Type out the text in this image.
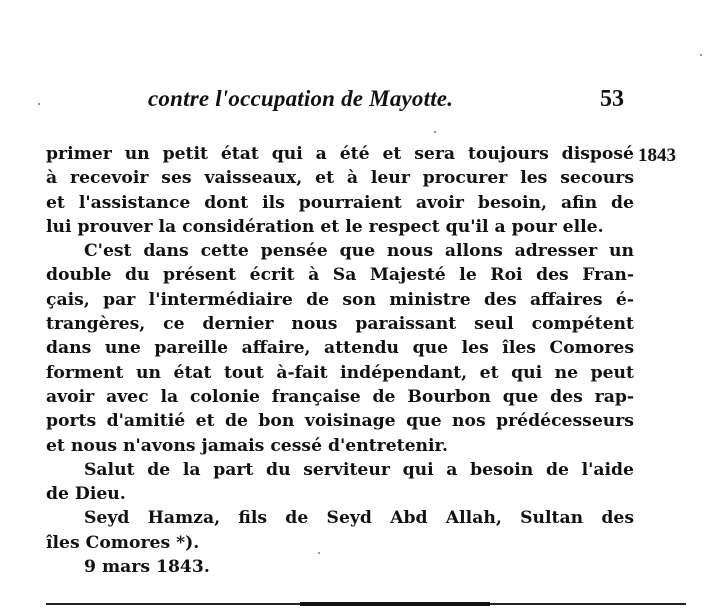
contre l'occupation de Mayotte.	53
1843
primer un petit état qui a été et sera toujours disposé
à recevoir ses vaisseaux, et à leur procurer les secours
et l'assistance dont ils pourraient avoir besoin, afin de
lui prouver la considération et le respect qu'il a pour elle.
C'est dans cette pensée que nous allons adresser un
double du présent écrit à Sa Majesté le Roi des Fran-
çais, par l'intermédiaire de son ministre des affaires é-
trangères, ce dernier nous paraissant seul compétent
dans une pareille affaire, attendu que les îles Comores
forment un état tout à-fait indépendant, et qui ne peut
avoir avec la colonie française de Bourbon que des rap-
ports d'amitié et de bon voisinage que nos prédécesseurs
et nous n'avons jamais cessé d'entretenir.
Salut de la part du serviteur qui a besoin de l'aide
de Dieu.
Seyd Hamza, fils de Seyd Abd Allah, Sultan des
îles Comores *).
9 mars 1843.
